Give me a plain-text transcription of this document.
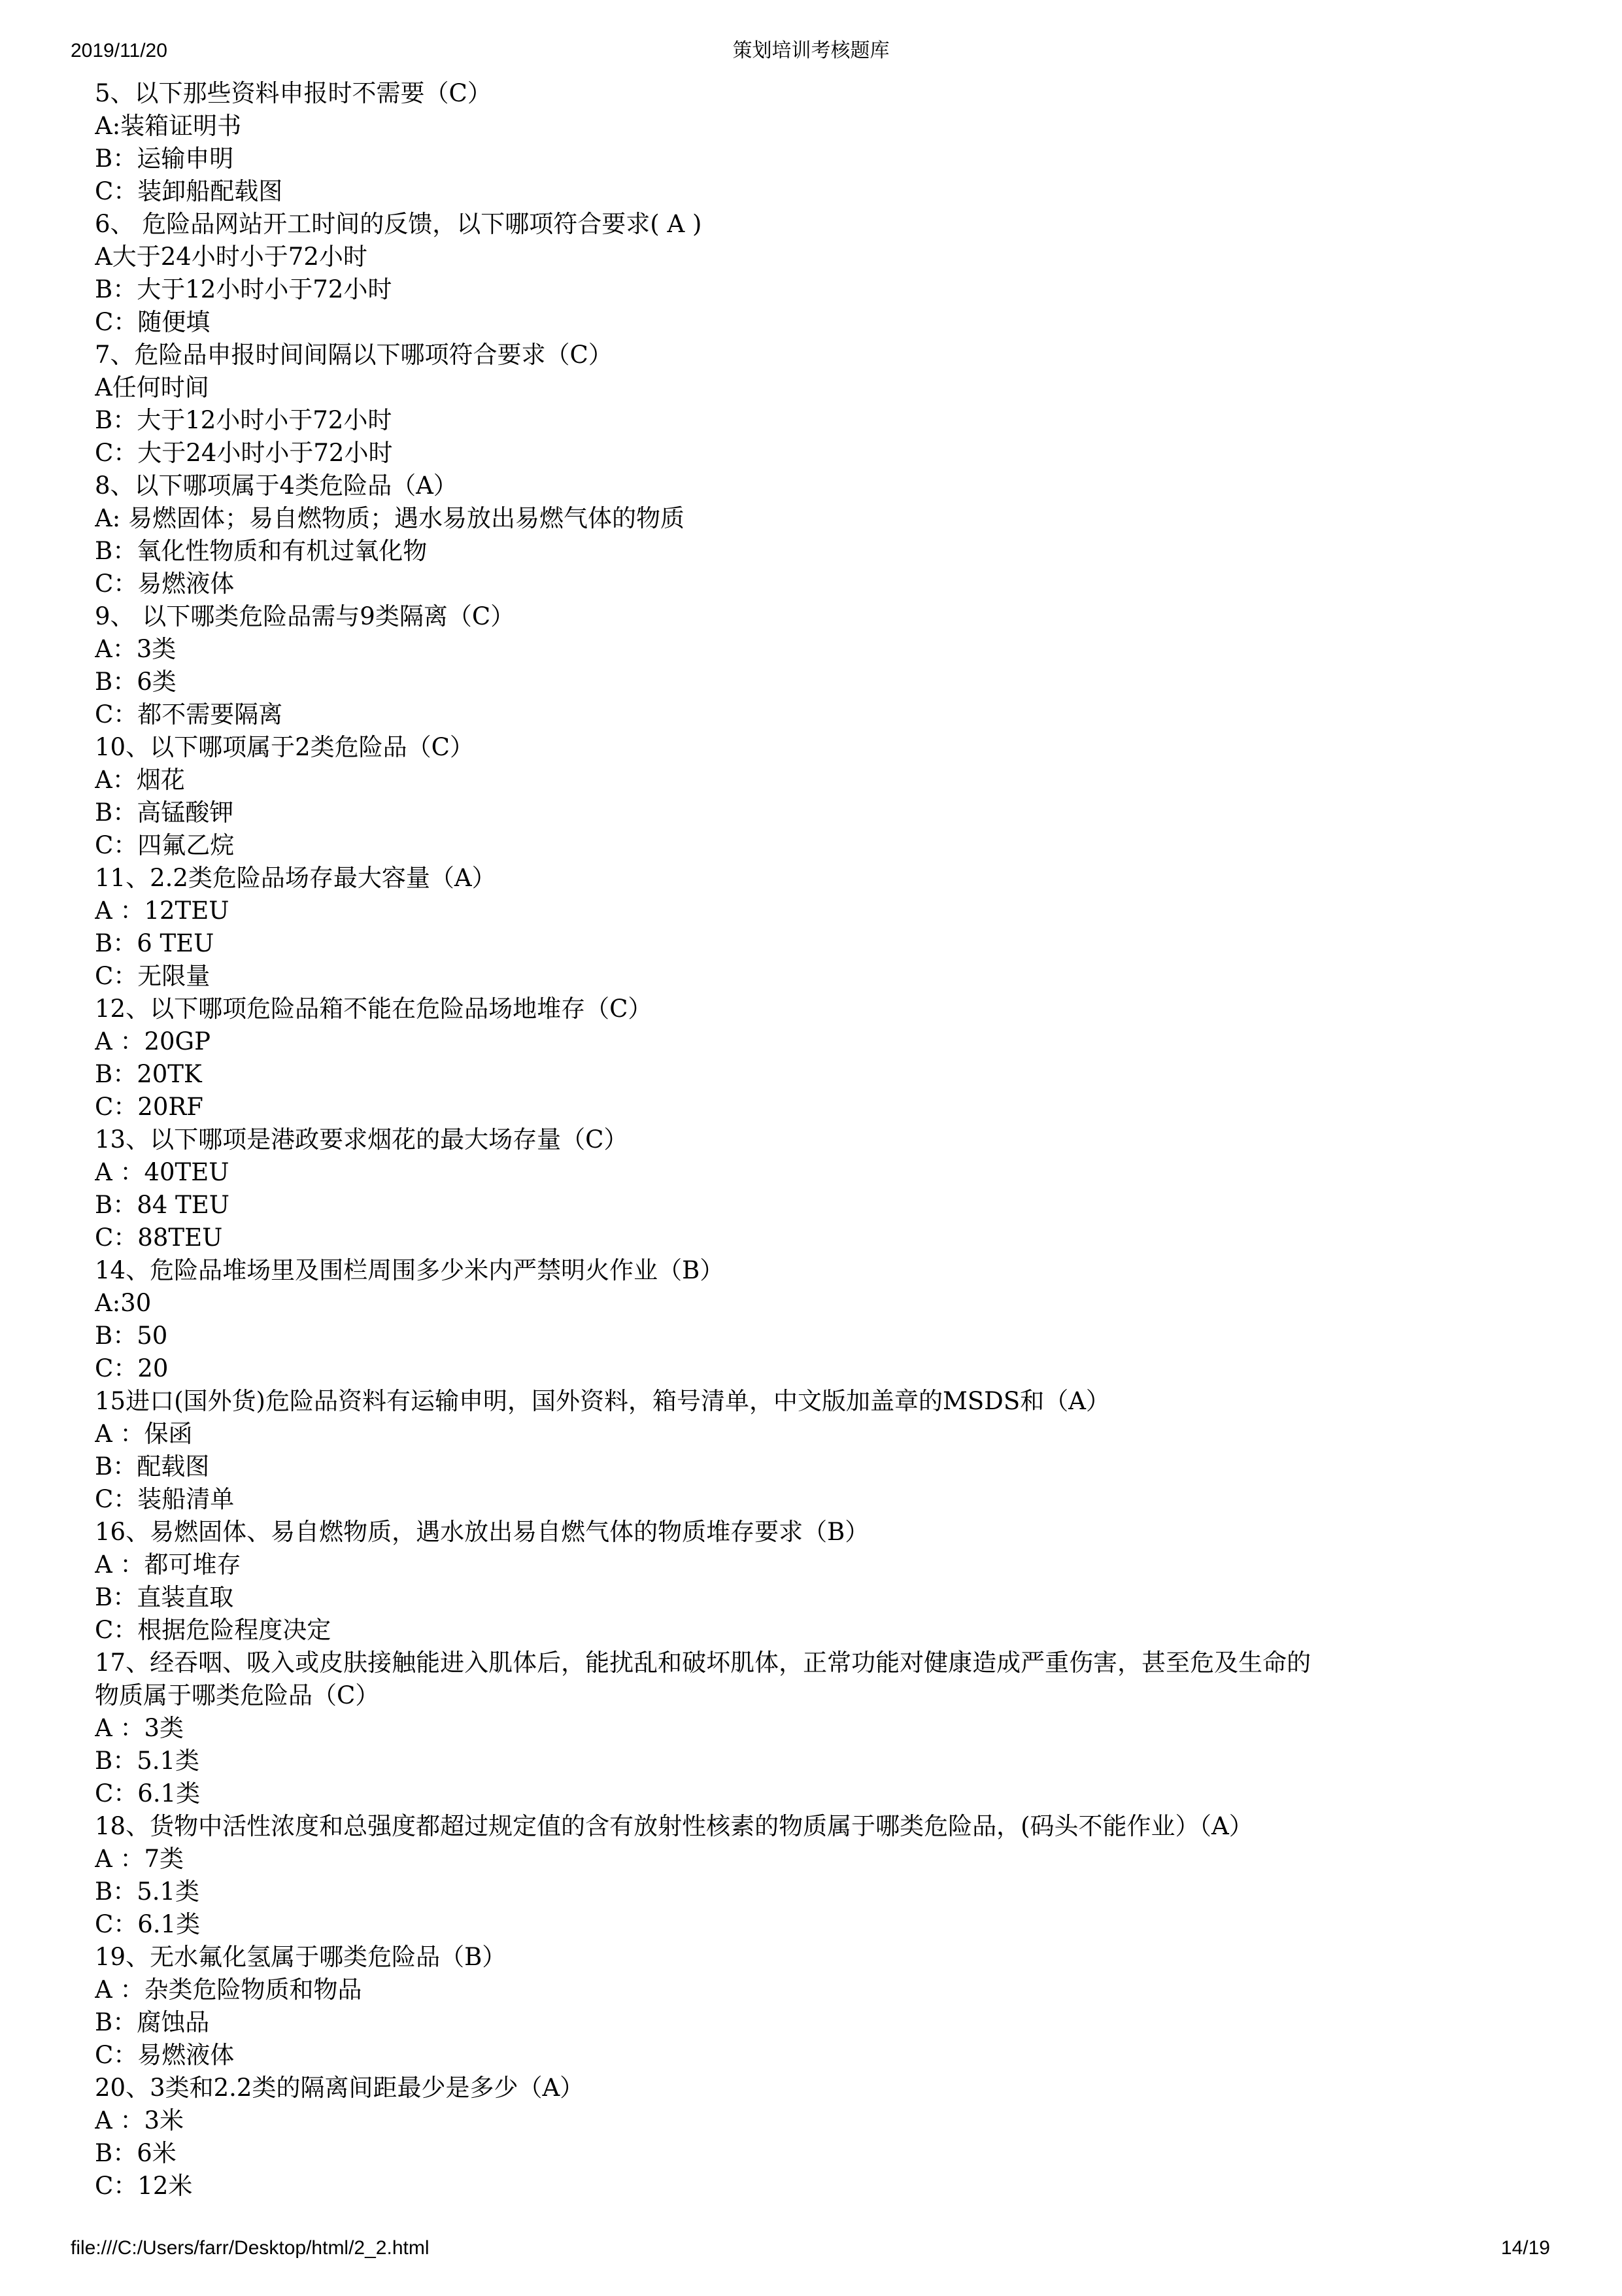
2019/11/20	策划培训考核题库
5、以下那些资料申报时不需要（C）
A:装箱证明书
B：运输申明
C：装卸船配载图
6、 危险品网站开工时间的反馈，以下哪项符合要求( A )
A大于24小时小于72小时
B：大于12小时小于72小时
C：随便填
7、危险品申报时间间隔以下哪项符合要求（C）
A任何时间
B：大于12小时小于72小时
C：大于24小时小于72小时
8、以下哪项属于4类危险品（A）
A: 易燃固体；易自燃物质；遇水易放出易燃气体的物质
B：氧化性物质和有机过氧化物
C：易燃液体
9、 以下哪类危险品需与9类隔离（C）
A：3类
B：6类
C：都不需要隔离
10、以下哪项属于2类危险品（C）
A：烟花
B：高锰酸钾
C：四氟乙烷
11、2.2类危险品场存最大容量（A）
A ：12TEU
B：6 TEU
C：无限量
12、以下哪项危险品箱不能在危险品场地堆存（C）
A ：20GP
B：20TK
C：20RF
13、以下哪项是港政要求烟花的最大场存量（C）
A ：40TEU
B：84 TEU
C：88TEU
14、危险品堆场里及围栏周围多少米内严禁明火作业（B）
A:30
B：50
C：20
15进口(国外货)危险品资料有运输申明，国外资料，箱号清单，中文版加盖章的MSDS和（A）
A ：保函
B：配载图
C：装船清单
16、易燃固体、易自燃物质，遇水放出易自燃气体的物质堆存要求（B）
A ：都可堆存
B：直装直取
C：根据危险程度决定
17、经吞咽、吸入或皮肤接触能进入肌体后，能扰乱和破坏肌体，正常功能对健康造成严重伤害，甚至危及生命的
物质属于哪类危险品（C）
A ：3类
B：5.1类
C：6.1类
18、货物中活性浓度和总强度都超过规定值的含有放射性核素的物质属于哪类危险品，(码头不能作业）（A）
A ：7类
B：5.1类
C：6.1类
19、无水氟化氢属于哪类危险品（B）
A ：杂类危险物质和物品
B：腐蚀品
C：易燃液体
20、3类和2.2类的隔离间距最少是多少（A）
A ：3米
B：6米
C：12米
file:///C:/Users/farr/Desktop/html/2_2.html	14/19
